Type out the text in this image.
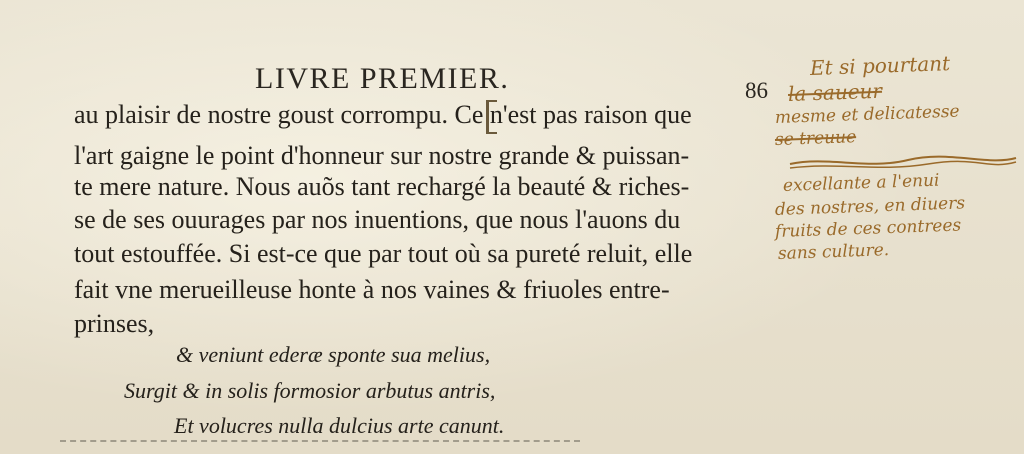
LIVRE PREMIER.	86
au plaisir de nostre goust corrompu. Ce n'est pas raison que
l'art gaigne le point d'honneur sur nostre grande & puissan-
te mere nature. Nous auõs tant rechargé la beauté & riches-
se de ses ouurages par nos inuentions, que nous l'auons du
tout estouffée. Si est-ce que par tout où sa pureté reluit, elle
fait vne merueilleuse honte à nos vaines & friuoles entre-
prinses,
& veniunt ederæ sponte sua melius,
Surgit & in solis formosior arbutus antris,
Et volucres nulla dulcius arte canunt.
Et si pourtant
la saueur
mesme et delicatesse
se treuue
excellante a l'enui
des nostres, en diuers
fruits de ces contrees
sans culture.
